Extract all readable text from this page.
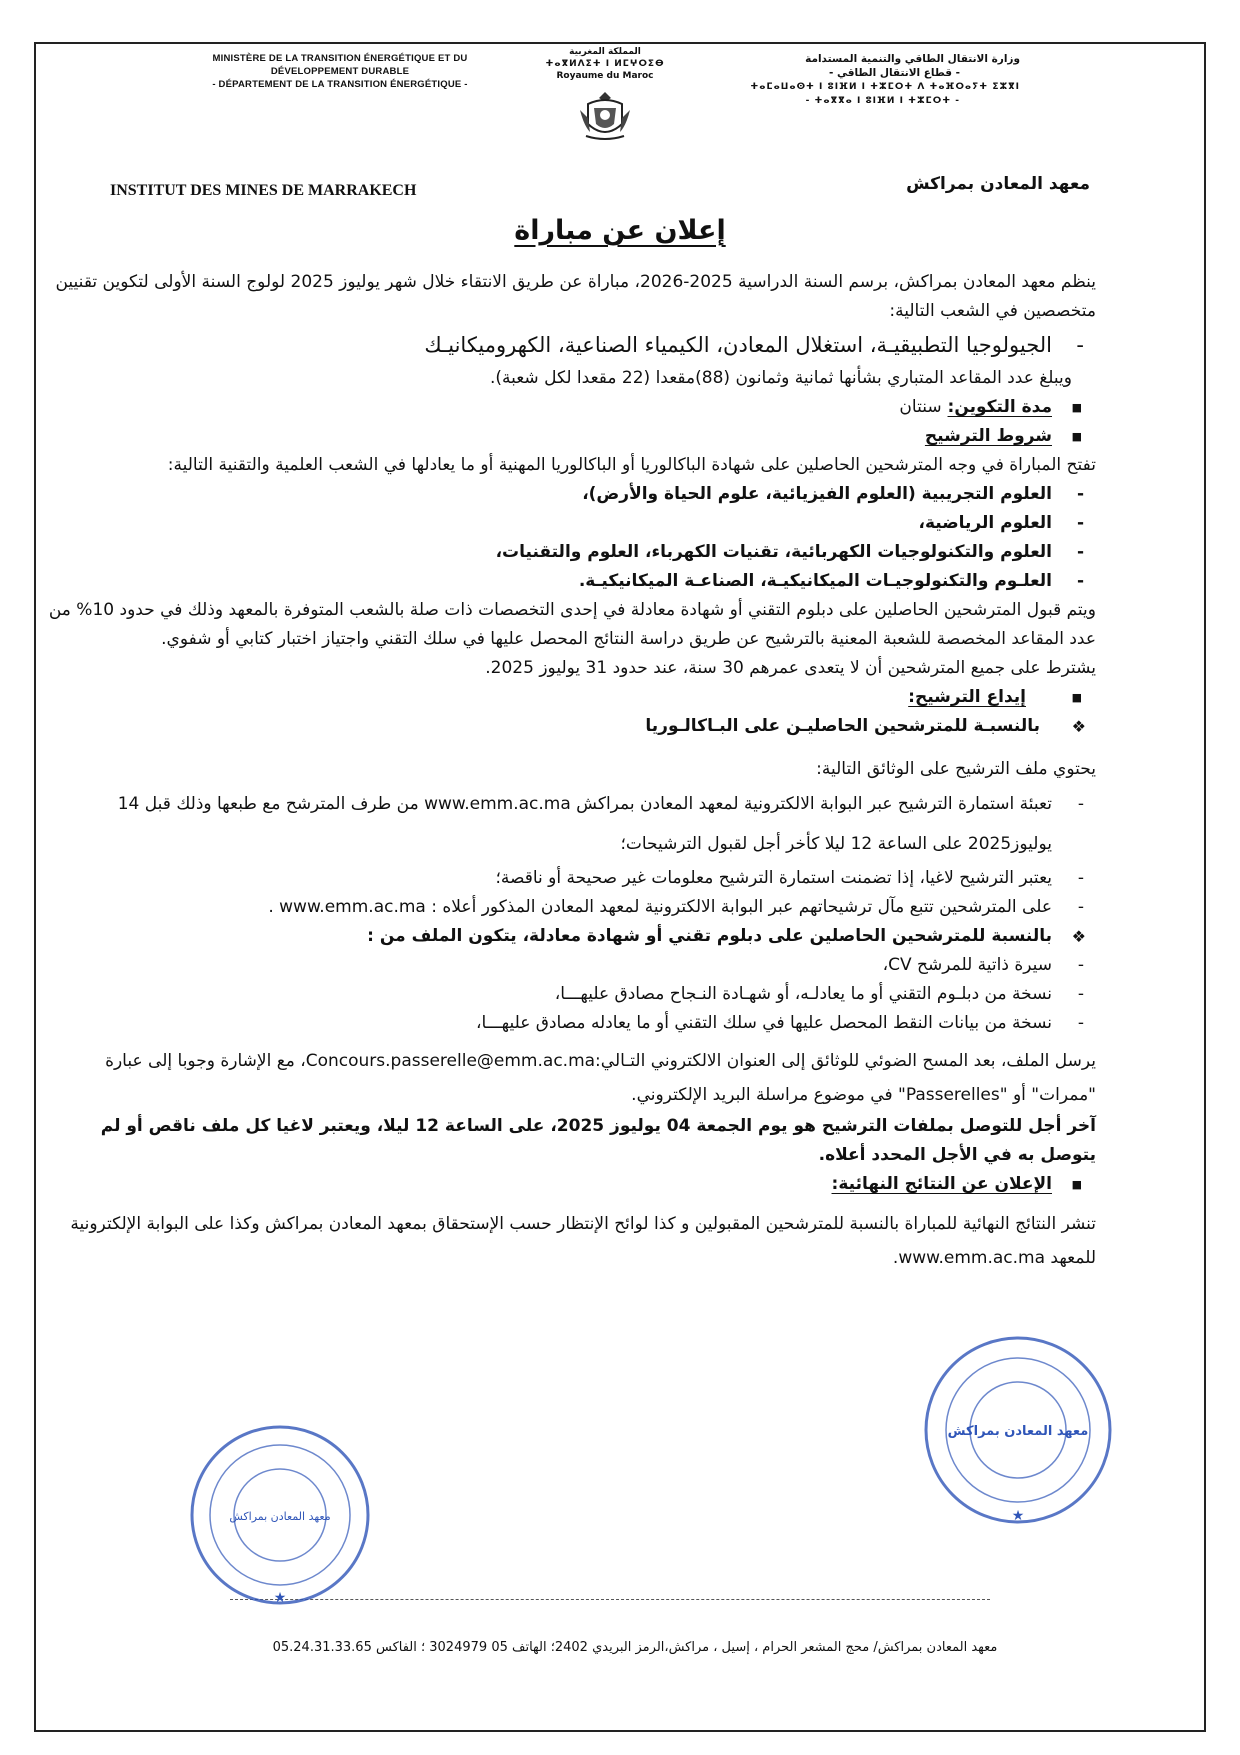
MINISTÈRE DE LA TRANSITION ÉNERGÉTIQUE ET DU
DÉVELOPPEMENT DURABLE
- DÉPARTEMENT DE LA TRANSITION ÉNERGÉTIQUE -
المملكة المغربية
ⵜⴰⴳⵍⴷⵉⵜ ⵏ ⵍⵎⵖⵔⵉⴱ
Royaume du Maroc
وزارة الانتقال الطاقي والتنمية المستدامة
- قطاع الانتقال الطاقي -
ⵜⴰⵎⴰⵡⴰⵙⵜ ⵏ ⵓⵏⴼⵍ ⵏ ⵜⵣⵎⵔⵜ ⴷ ⵜⴰⴼⵔⴰⵢⵜ ⵉⵣⴳⵏ
- ⵜⴰⴳⴳⴰ ⵏ ⵓⵏⴼⵍ ⵏ ⵜⵣⵎⵔⵜ -
INSTITUT DES MINES DE MARRAKECH	معهد المعادن بمراكش
إعلان عن مباراة

ينظم معهد المعادن بمراكش، برسم السنة الدراسية 2025-2026، مباراة عن طريق الانتقاء خلال شهر يوليوز 2025 لولوج السنة الأولى لتكوين تقنيين متخصصين في الشعب التالية:

- الجيولوجيا التطبيقيـة، استغلال المعادن، الكيمياء الصناعية، الكهروميكانيـك

ويبلغ عدد المقاعد المتباري بشأنها ثمانية وثمانون (88)مقعدا (22 مقعدا لكل شعبة).

■ مدة التكوين: سنتان

■ شروط الترشيح

تفتح المباراة في وجه المترشحين الحاصلين على شهادة الباكالوريا أو الباكالوريا المهنية أو ما يعادلها في الشعب العلمية والتقنية التالية:

- العلوم التجريبية (العلوم الفيزيائية، علوم الحياة والأرض)،

- العلوم الرياضية،

- العلوم والتكنولوجيات الكهربائية، تقنيات الكهرباء، العلوم والتقنيات،

- العلـوم والتكنولوجيـات الميكانيكيـة، الصناعـة الميكانيكيـة.

ويتم قبول المترشحين الحاصلين على دبلوم التقني أو شهادة معادلة في إحدى التخصصات ذات صلة بالشعب المتوفرة بالمعهد وذلك في حدود 10% من عدد المقاعد المخصصة للشعبة المعنية بالترشيح عن طريق دراسة النتائج المحصل عليها في سلك التقني واجتياز اختبار كتابي أو شفوي.

يشترط على جميع المترشحين أن لا يتعدى عمرهم 30 سنة، عند حدود 31 يوليوز 2025.

■ إيداع الترشيح:

❖ بالنسبـة للمترشحين الحاصليـن على البـاكالـوريا

يحتوي ملف الترشيح على الوثائق التالية:

- تعبئة استمارة الترشيح عبر البوابة الالكترونية لمعهد المعادن بمراكش www.emm.ac.ma من طرف المترشح مع طبعها وذلك قبل 14 يوليوز2025 على الساعة 12 ليلا كأخر أجل لقبول الترشيحات؛

- يعتبر الترشيح لاغيا، إذا تضمنت استمارة الترشيح معلومات غير صحيحة أو ناقصة؛

- على المترشحين تتبع مآل ترشيحاتهم عبر البوابة الالكترونية لمعهد المعادن المذكور أعلاه : www.emm.ac.ma .

❖ بالنسبة للمترشحين الحاصلين على دبلوم تقني أو شهادة معادلة، يتكون الملف من :

- سيرة ذاتية للمرشح CV،

- نسخة من دبلـوم التقني أو ما يعادلـه، أو شهـادة النـجاح مصادق عليهـــا،

- نسخة من بيانات النقط المحصل عليها في سلك التقني أو ما يعادله مصادق عليهـــا،

يرسل الملف، بعد المسح الضوئي للوثائق إلى العنوان الالكتروني التـالي:Concours.passerelle@emm.ac.ma، مع الإشارة وجوبا إلى عبارة "ممرات" أو "Passerelles" في موضوع مراسلة البريد الإلكتروني.

آخر أجل للتوصل بملفات الترشيح هو يوم الجمعة 04 يوليوز 2025، على الساعة 12 ليلا، ويعتبر لاغيا كل ملف ناقص أو لم يتوصل به في الأجل المحدد أعلاه.

■ الإعلان عن النتائج النهائية:

تنشر النتائج النهائية للمباراة بالنسبة للمترشحين المقبولين و كذا لوائح الإنتظار حسب الإستحقاق بمعهد المعادن بمراكش وكذا على البوابة الإلكترونية للمعهد www.emm.ac.ma.

معهد المعادن بمراكش/ محج المشعر الحرام ، إسيل ، مراكش،الرمز البريدي 2402؛ الهاتف 05 3024979 ؛ الفاكس 05.24.31.33.65
معهد المعادن بمراكش
★
معهد المعادن بمراكش
★
